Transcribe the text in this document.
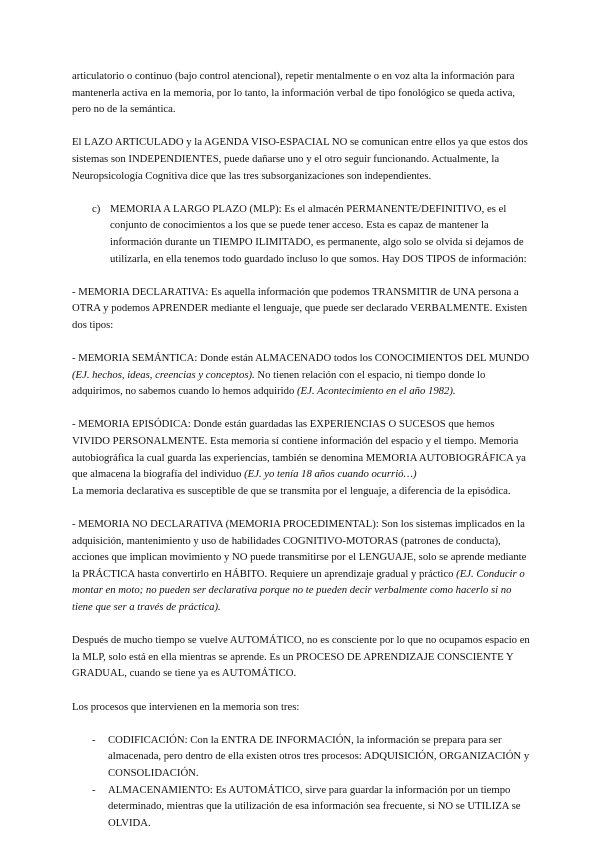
articulatorio o continuo (bajo control atencional), repetir mentalmente o en voz alta la información para mantenerla activa en la memoria, por lo tanto, la información verbal de tipo fonológico se queda activa, pero no de la semántica.

El LAZO ARTICULADO y la AGENDA VISO-ESPACIAL NO se comunican entre ellos ya que estos dos sistemas son INDEPENDIENTES, puede dañarse uno y el otro seguir funcionando. Actualmente, la Neuropsicología Cognitiva dice que las tres subsorganizaciones son independientes.

c) MEMORIA A LARGO PLAZO (MLP): Es el almacén PERMANENTE/DEFINITIVO, es el conjunto de conocimientos a los que se puede tener acceso. Esta es capaz de mantener la información durante un TIEMPO ILIMITADO, es permanente, algo solo se olvida si dejamos de utilizarla, en ella tenemos todo guardado incluso lo que somos. Hay DOS TIPOS de información:

- MEMORIA DECLARATIVA: Es aquella información que podemos TRANSMITIR de UNA persona a OTRA y podemos APRENDER mediante el lenguaje, que puede ser declarado VERBALMENTE. Existen dos tipos:

- MEMORIA SEMÁNTICA: Donde están ALMACENADO todos los CONOCIMIENTOS DEL MUNDO (EJ. hechos, ideas, creencias y conceptos). No tienen relación con el espacio, ni tiempo donde lo adquirimos, no sabemos cuando lo hemos adquirido (EJ. Acontecimiento en el año 1982).

- MEMORIA EPISÓDICA: Donde están guardadas las EXPERIENCIAS O SUCESOS que hemos VIVIDO PERSONALMENTE. Esta memoria sí contiene información del espacio y el tiempo. Memoria autobiográfica la cual guarda las experiencias, también se denomina MEMORIA AUTOBIOGRÁFICA ya que almacena la biografía del individuo (EJ. yo tenía 18 años cuando ocurrió…)

La memoria declarativa es susceptible de que se transmita por el lenguaje, a diferencia de la episódica.

- MEMORIA NO DECLARATIVA (MEMORIA PROCEDIMENTAL): Son los sistemas implicados en la adquisición, mantenimiento y uso de habilidades COGNITIVO-MOTORAS (patrones de conducta), acciones que implican movimiento y NO puede transmitirse por el LENGUAJE, solo se aprende mediante la PRÁCTICA hasta convertirlo en HÁBITO. Requiere un aprendizaje gradual y práctico (EJ. Conducir o montar en moto; no pueden ser declarativa porque no te pueden decir verbalmente como hacerlo si no tiene que ser a través de práctica).

Después de mucho tiempo se vuelve AUTOMÁTICO, no es consciente por lo que no ocupamos espacio en la MLP, solo está en ella mientras se aprende. Es un PROCESO DE APRENDIZAJE CONSCIENTE Y GRADUAL, cuando se tiene ya es AUTOMÁTICO.

Los procesos que intervienen en la memoria son tres:

- CODIFICACIÓN: Con la ENTRA DE INFORMACIÓN, la información se prepara para ser almacenada, pero dentro de ella existen otros tres procesos: ADQUISICIÓN, ORGANIZACIÓN y CONSOLIDACIÓN.

- ALMACENAMIENTO: Es AUTOMÁTICO, sirve para guardar la información por un tiempo determinado, mientras que la utilización de esa información sea frecuente, si NO se UTILIZA se OLVIDA.
